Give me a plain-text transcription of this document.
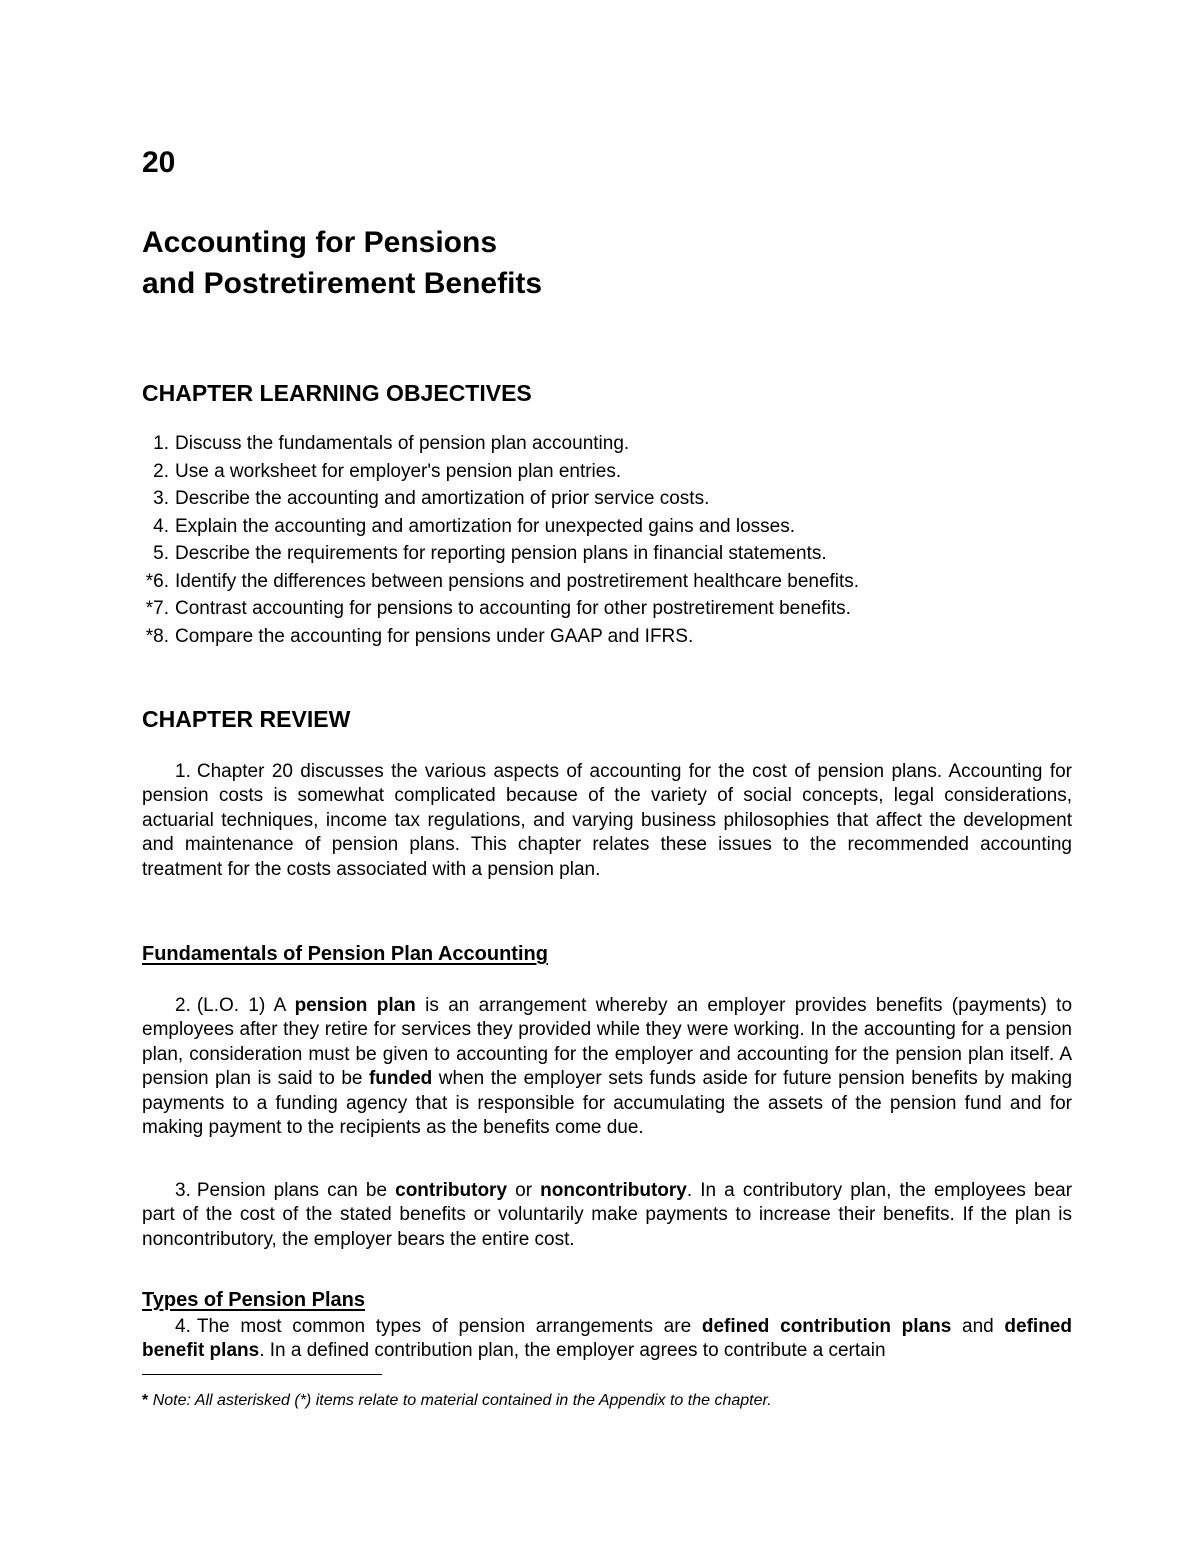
20
Accounting for Pensions
and Postretirement Benefits
CHAPTER LEARNING OBJECTIVES
1. Discuss the fundamentals of pension plan accounting.
2. Use a worksheet for employer's pension plan entries.
3. Describe the accounting and amortization of prior service costs.
4. Explain the accounting and amortization for unexpected gains and losses.
5. Describe the requirements for reporting pension plans in financial statements.
*6. Identify the differences between pensions and postretirement healthcare benefits.
*7. Contrast accounting for pensions to accounting for other postretirement benefits.
*8. Compare the accounting for pensions under GAAP and IFRS.
CHAPTER REVIEW

1. Chapter 20 discusses the various aspects of accounting for the cost of pension plans. Accounting for pension costs is somewhat complicated because of the variety of social concepts, legal considerations, actuarial techniques, income tax regulations, and varying business philosophies that affect the development and maintenance of pension plans. This chapter relates these issues to the recommended accounting treatment for the costs associated with a pension plan.

Fundamentals of Pension Plan Accounting

2. (L.O. 1) A pension plan is an arrangement whereby an employer provides benefits (payments) to employees after they retire for services they provided while they were working. In the accounting for a pension plan, consideration must be given to accounting for the employer and accounting for the pension plan itself. A pension plan is said to be funded when the employer sets funds aside for future pension benefits by making payments to a funding agency that is responsible for accumulating the assets of the pension fund and for making payment to the recipients as the benefits come due.

3. Pension plans can be contributory or noncontributory. In a contributory plan, the employees bear part of the cost of the stated benefits or voluntarily make payments to increase their benefits. If the plan is noncontributory, the employer bears the entire cost.

Types of Pension Plans

4. The most common types of pension arrangements are defined contribution plans and defined benefit plans. In a defined contribution plan, the employer agrees to contribute a certain

* Note: All asterisked (*) items relate to material contained in the Appendix to the chapter.
